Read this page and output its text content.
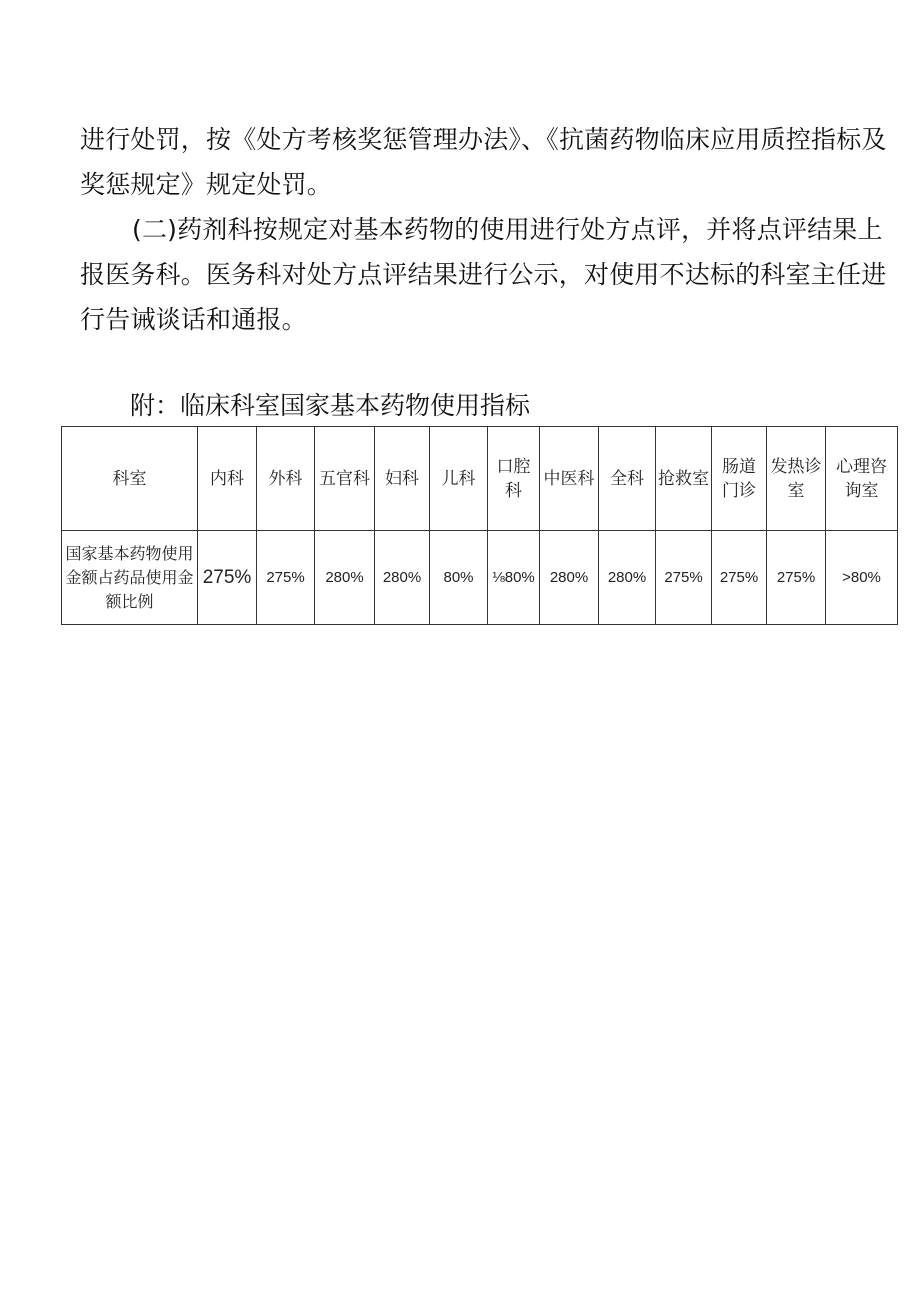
进行处罚，按《处方考核奖惩管理办法》、《抗菌药物临床应用质控指标及奖惩规定》规定处罚。

(二)药剂科按规定对基本药物的使用进行处方点评，并将点评结果上报医务科。医务科对处方点评结果进行公示，对使用不达标的科室主任进行告诫谈话和通报。

附：临床科室国家基本药物使用指标

科室	内科	外科	五官科	妇科	儿科	口腔科	中医科	全科	抢救室	肠道门诊	发热诊室	心理咨询室
国家基本药物使用金额占药品使用金额比例	275%	275%	280%	280%	80%	⅛80%	280%	280%	275%	275%	275%	>80%
